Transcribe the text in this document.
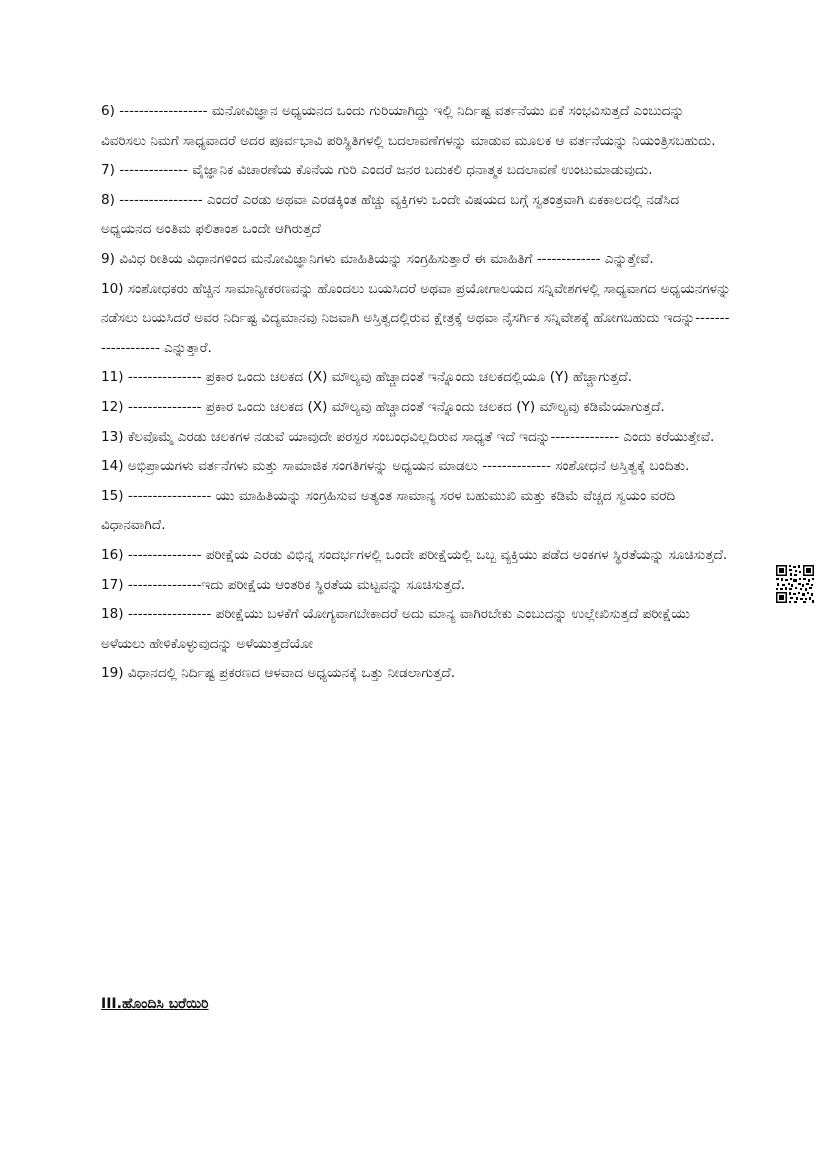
6) ------------------ ಮನೋವಿಜ್ಞಾನ ಅಧ್ಯಯನದ ಒಂದು ಗುರಿಯಾಗಿದ್ದು ಇಲ್ಲಿ ನಿರ್ದಿಷ್ಟ ವರ್ತನೆಯು ಏಕೆ ಸಂಭವಿಸುತ್ತದೆ ಎಂಬುದನ್ನು ವಿವರಿಸಲು ನಿಮಗೆ ಸಾಧ್ಯವಾದರೆ ಅದರ ಪೂರ್ವಭಾವಿ ಪರಿಸ್ಥಿತಿಗಳಲ್ಲಿ ಬದಲಾವಣೆಗಳನ್ನು ಮಾಡುವ ಮೂಲಕ ಆ ವರ್ತನೆಯನ್ನು ನಿಯಂತ್ರಿಸಬಹುದು.

7) -------------- ವೈಜ್ಞಾನಿಕ ವಿಚಾರಣೆಯ ಕೊನೆಯ ಗುರಿ ಎಂದರೆ ಜನರ ಬದುಕಲಿ ಧನಾತ್ಮಕ ಬದಲಾವಣೆ ಉಂಟುಮಾಡುವುದು.

8) ----------------- ಎಂದರೆ ಎರಡು ಅಥವಾ ಎರಡಕ್ಕಿಂತ ಹೆಚ್ಚು ವ್ಯಕ್ತಿಗಳು ಒಂದೇ ವಿಷಯದ ಬಗ್ಗೆ ಸ್ವತಂತ್ರವಾಗಿ ಏಕಕಾಲದಲ್ಲಿ ನಡೆಸಿದ ಅಧ್ಯಯನದ ಅಂತಿಮ ಫಲಿತಾಂಶ ಒಂದೇ ಆಗಿರುತ್ತದೆ

9) ವಿವಿಧ ರೀತಿಯ ವಿಧಾನಗಳಿಂದ ಮನೋವಿಜ್ಞಾನಿಗಳು ಮಾಹಿತಿಯನ್ನು ಸಂಗ್ರಹಿಸುತ್ತಾರೆ ಈ ಮಾಹಿತಿಗೆ ------------- ಎನ್ನುತ್ತೇವೆ.

10) ಸಂಶೋಧಕರು ಹೆಚ್ಚಿನ ಸಾಮಾನ್ಯೀಕರಣವನ್ನು ಹೊಂದಲು ಬಯಸಿದರೆ ಅಥವಾ ಪ್ರಯೋಗಾಲಯದ ಸನ್ನಿವೇಶಗಳಲ್ಲಿ ಸಾಧ್ಯವಾಗದ ಅಧ್ಯಯನಗಳನ್ನು ನಡೆಸಲು ಬಯಸಿದರೆ ಅವರ ನಿರ್ದಿಷ್ಟ ವಿದ್ಯಮಾನವು ನಿಜವಾಗಿ ಅಸ್ತಿತ್ವದಲ್ಲಿರುವ ಕ್ಷೇತ್ರಕ್ಕೆ ಅಥವಾ ನೈಸರ್ಗಿಕ ಸನ್ನಿವೇಶಕ್ಕೆ ಹೋಗಬಹುದು ಇದನ್ನು------------------- ಎನ್ನುತ್ತಾರೆ.

11) --------------- ಪ್ರಕಾರ ಒಂದು ಚಲಕದ (X) ಮೌಲ್ಯವು ಹೆಚ್ಚಾದಂತೆ ಇನ್ನೊಂದು ಚಲಕದಲ್ಲಿಯೂ (Y) ಹೆಚ್ಚಾಗುತ್ತದೆ.

12) --------------- ಪ್ರಕಾರ ಒಂದು ಚಲಕದ (X) ಮೌಲ್ಯವು ಹೆಚ್ಚಾದಂತೆ ಇನ್ನೊಂದು ಚಲಕದ (Y) ಮೌಲ್ಯವು ಕಡಿಮೆಯಾಗುತ್ತದೆ.

13) ಕೆಲವೊಮ್ಮೆ ಎರಡು ಚಲಕಗಳ ನಡುವೆ ಯಾವುದೇ ಪರಸ್ಪರ ಸಂಬಂಧವಿಲ್ಲದಿರುವ ಸಾಧ್ಯತೆ ಇದೆ ಇದನ್ನು-------------- ಎಂದು ಕರೆಯುತ್ತೇವೆ.

14) ಅಭಿಪ್ರಾಯಗಳು ವರ್ತನೆಗಳು ಮತ್ತು ಸಾಮಾಜಿಕ ಸಂಗತಿಗಳನ್ನು ಅಧ್ಯಯನ ಮಾಡಲು -------------- ಸಂಶೋಧನೆ ಅಸ್ತಿತ್ವಕ್ಕೆ ಬಂದಿತು.

15) ----------------- ಯು ಮಾಹಿತಿಯನ್ನು ಸಂಗ್ರಹಿಸುವ ಅತ್ಯಂತ ಸಾಮಾನ್ಯ ಸರಳ ಬಹುಮುಖಿ ಮತ್ತು ಕಡಿಮೆ ವೆಚ್ಚದ ಸ್ವಯಂ ವರದಿ ವಿಧಾನವಾಗಿದೆ.

16) --------------- ಪರೀಕ್ಷೆಯ ಎರಡು ವಿಭಿನ್ನ ಸಂದರ್ಭಗಳಲ್ಲಿ ಒಂದೇ ಪರೀಕ್ಷೆಯಲ್ಲಿ ಒಬ್ಬ ವ್ಯಕ್ತಿಯು ಪಡೆದ ಅಂಕಗಳ ಸ್ಥಿರತೆಯನ್ನು ಸೂಚಿಸುತ್ತದೆ.

17) ---------------ಇದು ಪರೀಕ್ಷೆಯ ಆಂತರಿಕ ಸ್ಥಿರತೆಯ ಮಟ್ಟವನ್ನು ಸೂಚಿಸುತ್ತದೆ.

18) ----------------- ಪರೀಕ್ಷೆಯು ಬಳಕೆಗೆ ಯೋಗ್ಯವಾಗಬೇಕಾದರೆ ಅದು ಮಾನ್ಯ ವಾಗಿರಬೇಕು ಎಂಬುದನ್ನು ಉಲ್ಲೇಖಿಸುತ್ತದೆ ಪರೀಕ್ಷೆಯು ಅಳೆಯಲು ಹೇಳಿಕೊಳ್ಳುವುದನ್ನು ಅಳೆಯುತ್ತದೆಯೋ

19) ವಿಧಾನದಲ್ಲಿ ನಿರ್ದಿಷ್ಟ ಪ್ರಕರಣದ ಆಳವಾದ ಅಧ್ಯಯನಕ್ಕೆ ಒತ್ತು ನೀಡಲಾಗುತ್ತದೆ.

III.ಹೊಂದಿಸಿ ಬರೆಯಿರಿ
